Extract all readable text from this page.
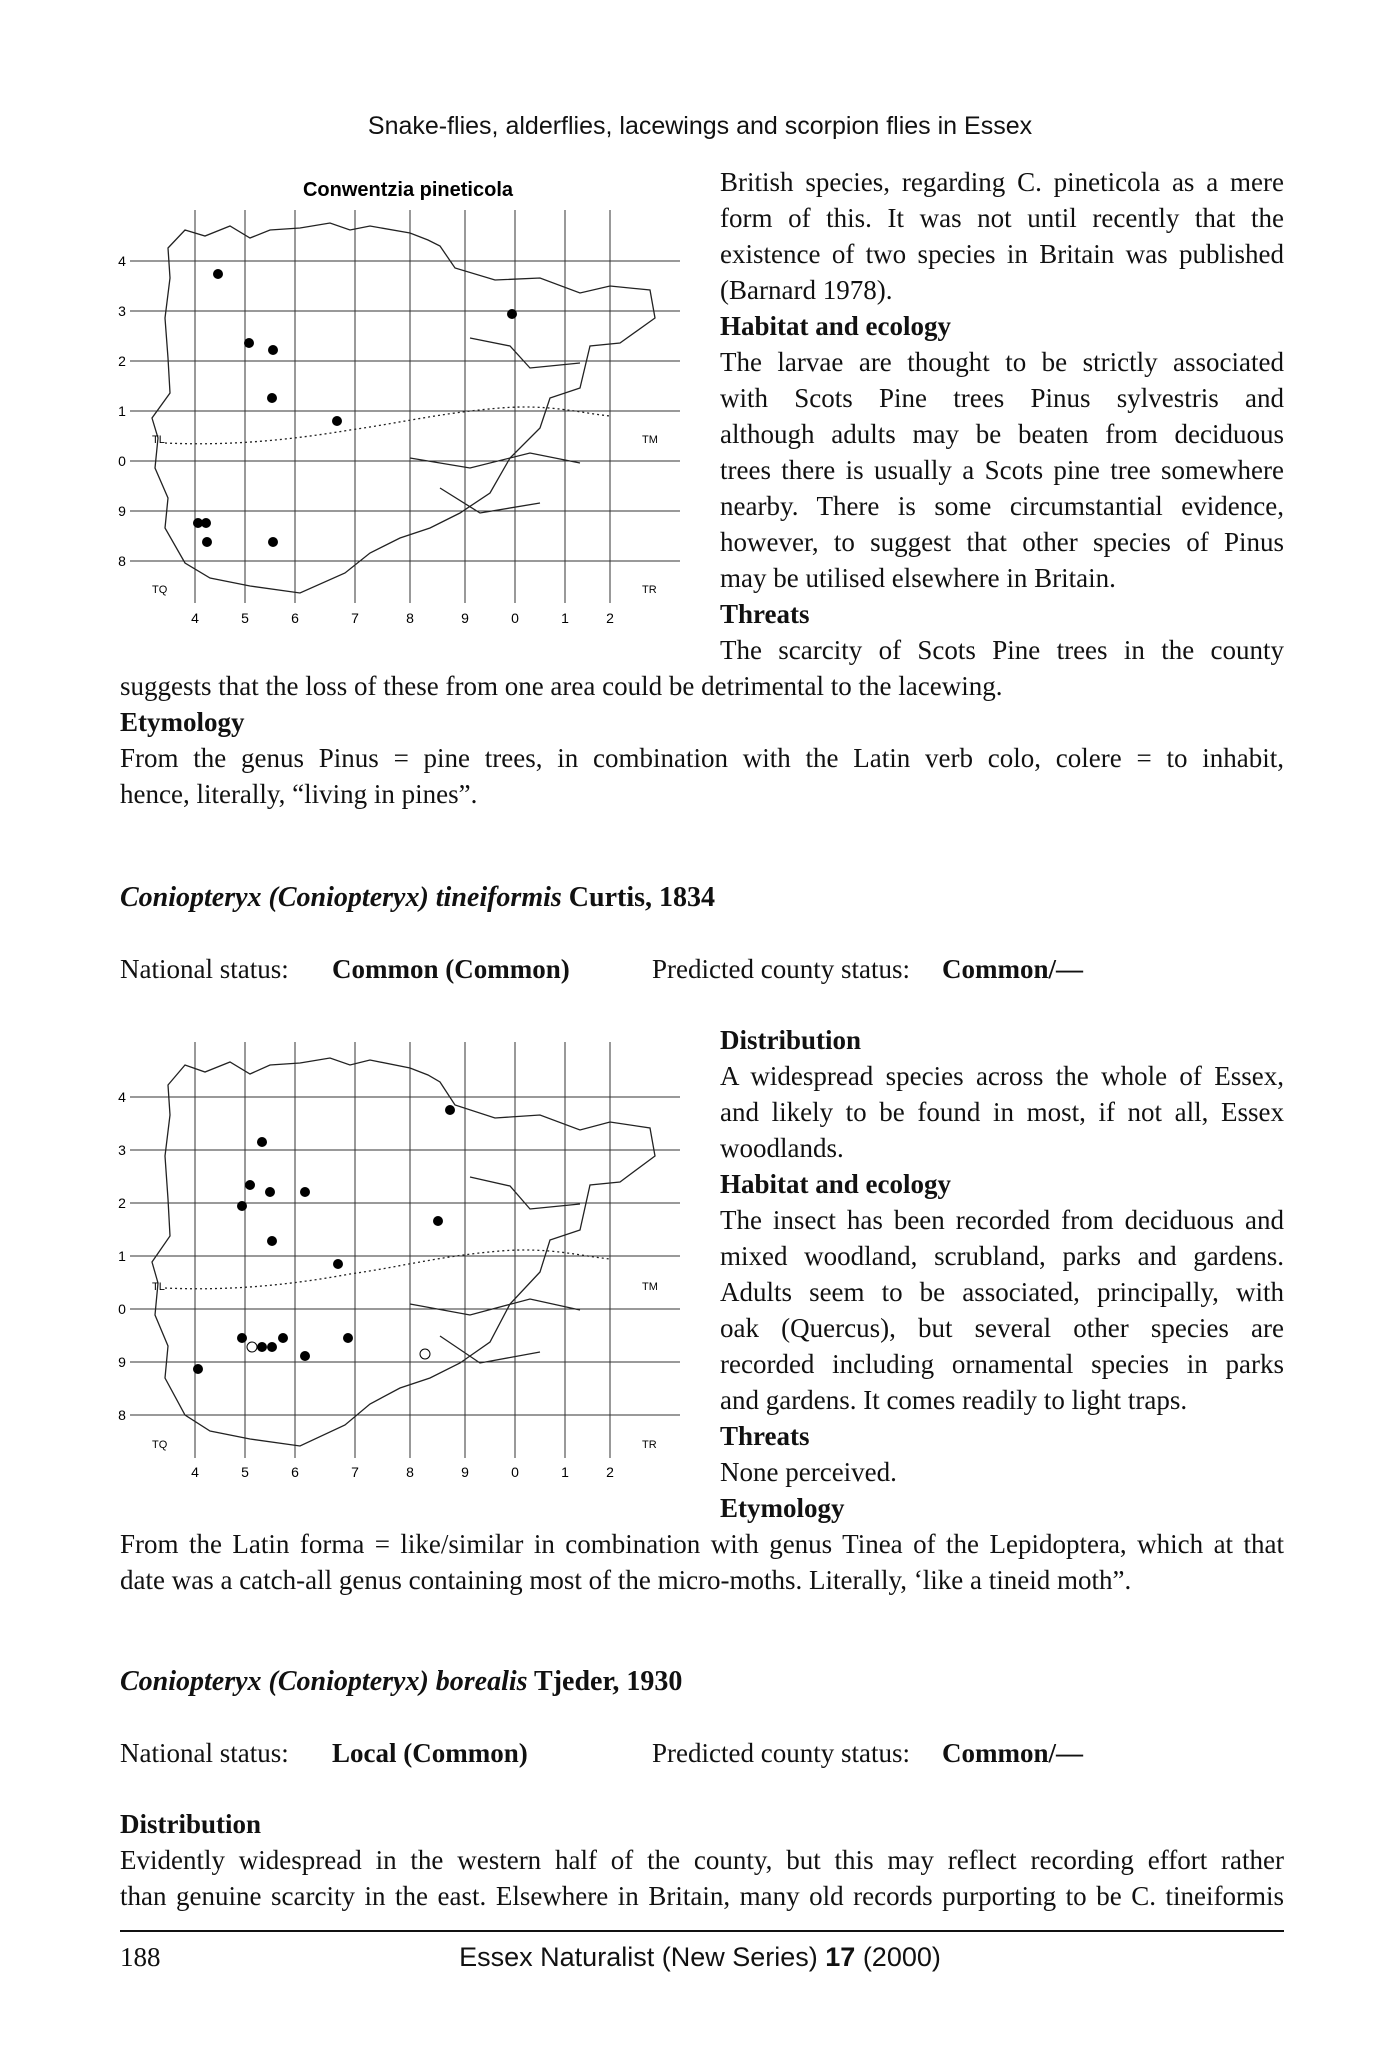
Snake-flies, alderflies, lacewings and scorpion flies in Essex
Conwentzia pineticola
4
3
2
1
0
9
8
4	5	6	7	8	9	0	1	2
TL	TM
TQ	TR
British species, regarding C. pineticola as a mere
form of this. It was not until recently that the
existence of two species in Britain was published
(Barnard 1978).
Habitat and ecology
The larvae are thought to be strictly associated
with Scots Pine trees Pinus sylvestris and
although adults may be beaten from deciduous
trees there is usually a Scots pine tree somewhere
nearby. There is some circumstantial evidence,
however, to suggest that other species of Pinus
may be utilised elsewhere in Britain.
Threats
The scarcity of Scots Pine trees in the county
suggests that the loss of these from one area could be detrimental to the lacewing.
Etymology
From the genus Pinus = pine trees, in combination with the Latin verb colo, colere = to inhabit,
hence, literally, “living in pines”.
Coniopteryx (Coniopteryx) tineiformis Curtis, 1834
National status: Common (Common)	Predicted county status: Common/—
4
3
2
1
0
9
8
4	5	6	7	8	9	0	1	2
TL	TM
TQ	TR
Distribution
A widespread species across the whole of Essex,
and likely to be found in most, if not all, Essex
woodlands.
Habitat and ecology
The insect has been recorded from deciduous and
mixed woodland, scrubland, parks and gardens.
Adults seem to be associated, principally, with
oak (Quercus), but several other species are
recorded including ornamental species in parks
and gardens. It comes readily to light traps.
Threats
None perceived.
Etymology
From the Latin forma = like/similar in combination with genus Tinea of the Lepidoptera, which at that
date was a catch-all genus containing most of the micro-moths. Literally, ‘like a tineid moth”.
Coniopteryx (Coniopteryx) borealis Tjeder, 1930
National status: Local (Common)	Predicted county status: Common/—
Distribution
Evidently widespread in the western half of the county, but this may reflect recording effort rather
than genuine scarcity in the east. Elsewhere in Britain, many old records purporting to be C. tineiformis
188	Essex Naturalist (New Series) 17 (2000)
